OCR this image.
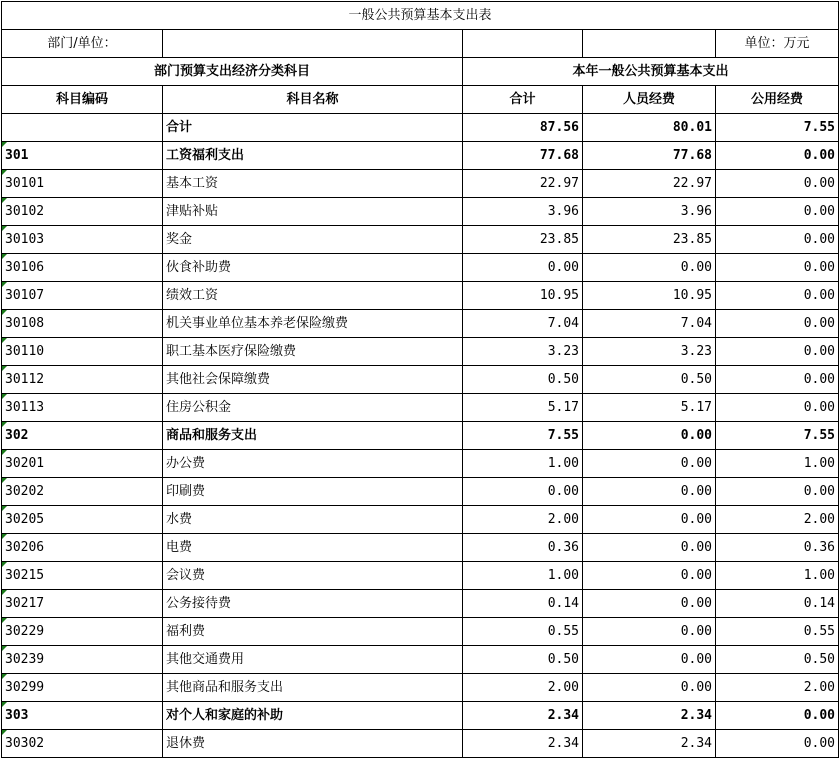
一般公共预算基本支出表				
部门/单位：				单位：万元
部门预算支出经济分类科目		本年一般公共预算基本支出		
科目编码	科目名称	合计	人员经费	公用经费
	合计	87.56	80.01	7.55
301	工资福利支出	77.68	77.68	0.00
30101	基本工资	22.97	22.97	0.00
30102	津贴补贴	3.96	3.96	0.00
30103	奖金	23.85	23.85	0.00
30106	伙食补助费	0.00	0.00	0.00
30107	绩效工资	10.95	10.95	0.00
30108	机关事业单位基本养老保险缴费	7.04	7.04	0.00
30110	职工基本医疗保险缴费	3.23	3.23	0.00
30112	其他社会保障缴费	0.50	0.50	0.00
30113	住房公积金	5.17	5.17	0.00
302	商品和服务支出	7.55	0.00	7.55
30201	办公费	1.00	0.00	1.00
30202	印刷费	0.00	0.00	0.00
30205	水费	2.00	0.00	2.00
30206	电费	0.36	0.00	0.36
30215	会议费	1.00	0.00	1.00
30217	公务接待费	0.14	0.00	0.14
30229	福利费	0.55	0.00	0.55
30239	其他交通费用	0.50	0.00	0.50
30299	其他商品和服务支出	2.00	0.00	2.00
303	对个人和家庭的补助	2.34	2.34	0.00
30302	退休费	2.34	2.34	0.00
